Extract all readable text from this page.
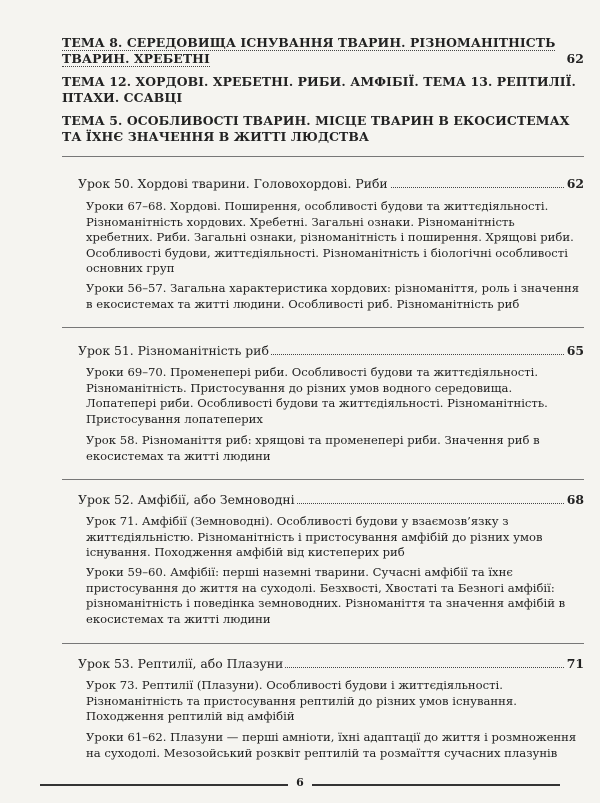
ТЕМА 8. СЕРЕДОВИЩА ІСНУВАННЯ ТВАРИН. РІЗНОМАНІТНІСТЬ ТВАРИН. ХРЕБЕТНІ	62
ТЕМА 12. ХОРДОВІ. ХРЕБЕТНІ. РИБИ. АМФІБІЇ. ТЕМА 13. РЕПТИЛІЇ. ПТАХИ. ССАВЦІ
ТЕМА 5. ОСОБЛИВОСТІ ТВАРИН. МІСЦЕ ТВАРИН В ЕКОСИСТЕМАХ ТА ЇХНЄ ЗНАЧЕННЯ В ЖИТТІ ЛЮДСТВА
Урок 50. Хордові тварини. Головохордові. Риби	62
Уроки 67–68. Хордові. Поширення, особливості будови та життєдіяльності. Різноманітність хордових. Хребетні. Загальні ознаки. Різноманітність хребетних. Риби. Загальні ознаки, різноманітність і поширення. Хрящові риби. Особливості будови, життєдіяльності. Різноманітність і біологічні особливості основних груп
Уроки 56–57. Загальна характеристика хордових: різноманіття, роль і значення в екосистемах та житті людини. Особливості риб. Різноманітність риб
Урок 51. Різноманітність риб	65
Уроки 69–70. Променепері риби. Особливості будови та життєдіяльності. Різноманітність. Пристосування до різних умов водного середовища. Лопатепері риби. Особливості будови та життєдіяльності. Різноманітність. Пристосування лопатеперих
Урок 58. Різноманіття риб: хрящові та променепері риби. Значення риб в екосистемах та житті людини
Урок 52. Амфібії, або Земноводні	68
Урок 71. Амфібії (Земноводні). Особливості будови у взаємозв’язку з життєдіяльністю. Різноманітність і пристосування амфібій до різних умов існування. Походження амфібій від кистеперих риб
Уроки 59–60. Амфібії: перші наземні тварини. Сучасні амфібії та їхнє пристосування до життя на суходолі. Безхвості, Хвостаті та Безногі амфібії: різноманітність і поведінка земноводних. Різноманіття та значення амфібій в екосистемах та житті людини
Урок 53. Рептилії, або Плазуни	71
Урок 73. Рептилії (Плазуни). Особливості будови і життєдіяльності. Різноманітність та пристосування рептилій до різних умов існування. Походження рептилій від амфібій
Уроки 61–62. Плазуни — перші амніоти, їхні адаптації до життя і розмноження на суходолі. Мезозойський розквіт рептилій та розмаїття сучасних плазунів
6
